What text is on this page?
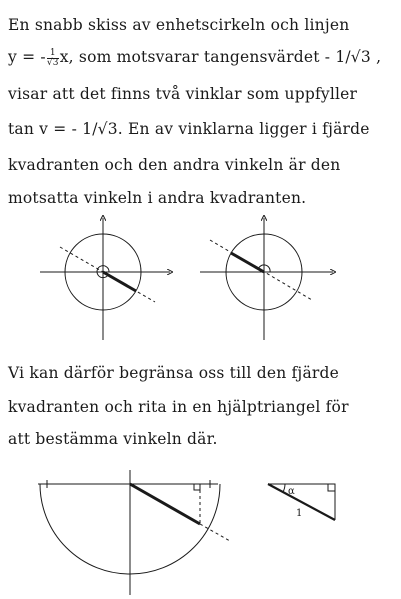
En snabb skiss av enhetscirkeln och linjen
y = - $\frac{1}{√3} x$, som motsvarar tangensvärdet - 1/√3 ,
visar att det finns två vinklar som uppfyller
tan v = - 1/√3. En av vinklarna ligger i fjärde
kvadranten och den andra vinkeln är den
motsatta vinkeln i andra kvadranten.
Vi kan därför begränsa oss till den fjärde
kvadranten och rita in en hjälptriangel för
att bestämma vinkeln där.
α
1
